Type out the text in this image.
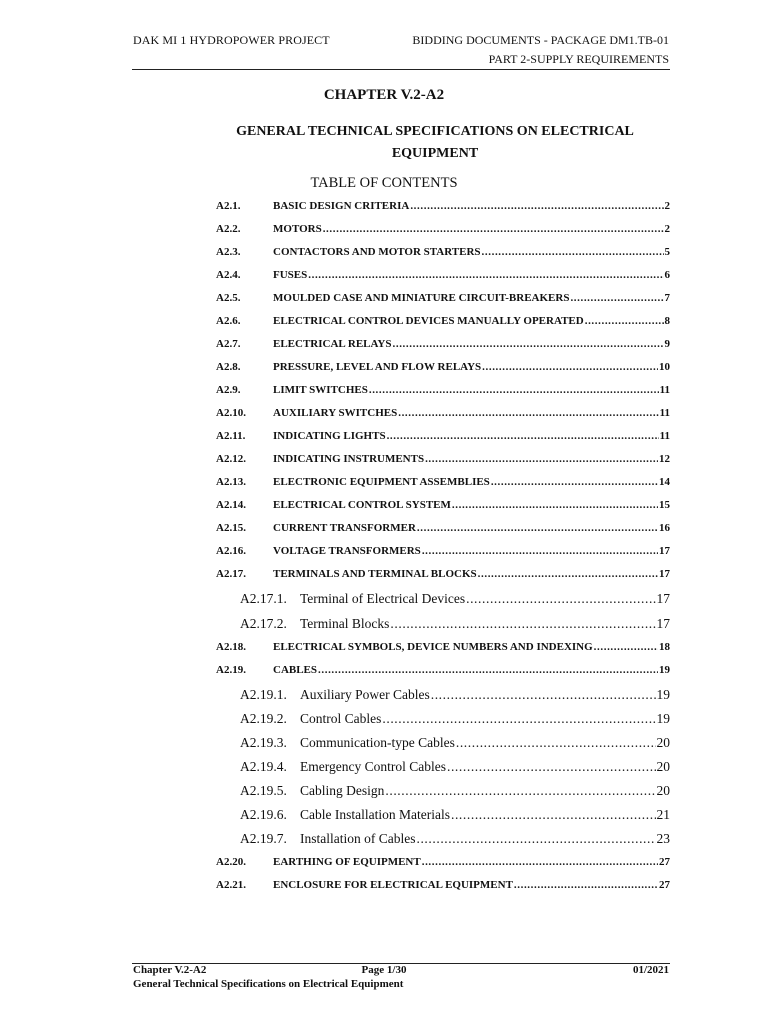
DAK MI 1 HYDROPOWER PROJECT	BIDDING DOCUMENTS - PACKAGE DM1.TB-01
PART 2-SUPPLY REQUIREMENTS
CHAPTER V.2-A2
GENERAL TECHNICAL SPECIFICATIONS ON ELECTRICAL EQUIPMENT
TABLE OF CONTENTS
A2.1.	BASIC DESIGN CRITERIA .....	2
A2.2.	MOTORS .....	2
A2.3.	CONTACTORS AND MOTOR STARTERS .....	5
A2.4.	FUSES .....	6
A2.5.	MOULDED CASE AND MINIATURE CIRCUIT-BREAKERS .....	7
A2.6.	ELECTRICAL CONTROL DEVICES MANUALLY OPERATED .....	8
A2.7.	ELECTRICAL RELAYS .....	9
A2.8.	PRESSURE, LEVEL AND FLOW RELAYS .....	10
A2.9.	LIMIT SWITCHES .....	11
A2.10.	AUXILIARY SWITCHES .....	11
A2.11.	INDICATING LIGHTS .....	11
A2.12.	INDICATING INSTRUMENTS .....	12
A2.13.	ELECTRONIC EQUIPMENT ASSEMBLIES .....	14
A2.14.	ELECTRICAL CONTROL SYSTEM .....	15
A2.15.	CURRENT TRANSFORMER .....	16
A2.16.	VOLTAGE TRANSFORMERS .....	17
A2.17.	TERMINALS AND TERMINAL BLOCKS .....	17
A2.17.1. Terminal of Electrical Devices .....	17
A2.17.2. Terminal Blocks .....	17
A2.18.	ELECTRICAL SYMBOLS, DEVICE NUMBERS AND INDEXING .....	18
A2.19.	CABLES .....	19
A2.19.1. Auxiliary Power Cables .....	19
A2.19.2. Control Cables .....	19
A2.19.3. Communication-type Cables .....	20
A2.19.4. Emergency Control Cables .....	20
A2.19.5. Cabling Design .....	20
A2.19.6. Cable Installation Materials .....	21
A2.19.7. Installation of Cables .....	23
A2.20.	EARTHING OF EQUIPMENT .....	27
A2.21.	ENCLOSURE FOR ELECTRICAL EQUIPMENT .....	27
Chapter V.2-A2	Page 1/30	01/2021
General Technical Specifications on Electrical Equipment
